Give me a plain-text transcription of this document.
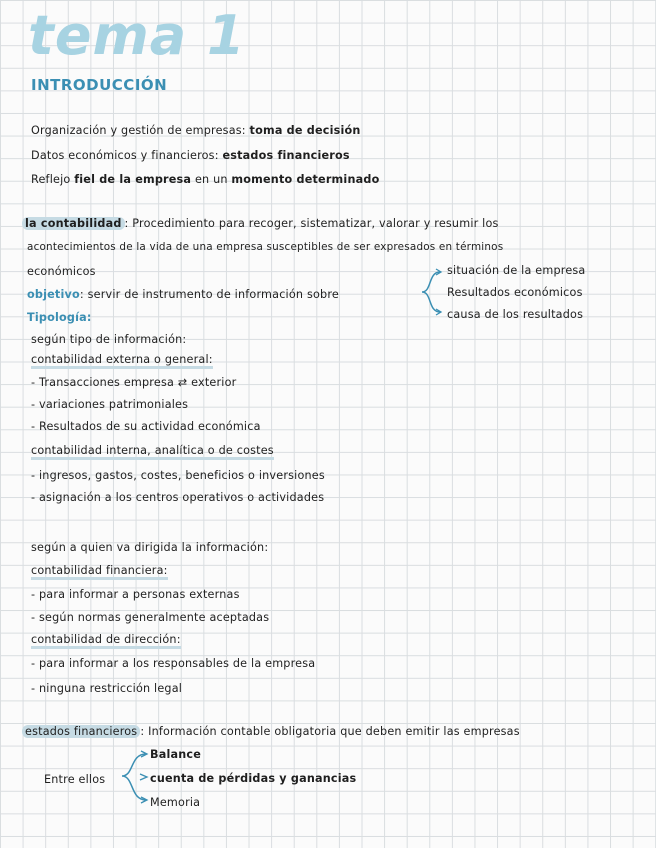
tema 1
INTRODUCCIÓN
Organización y gestión de empresas: toma de decisión
Datos económicos y financieros: estados financieros
Reflejo fiel de la empresa en un momento determinado
la contabilidad : Procedimiento para recoger, sistematizar, valorar y resumir los
acontecimientos de la vida de una empresa susceptibles de ser expresados en términos
económicos
objetivo: servir de instrumento de información sobre
situación de la empresa
Resultados económicos
causa de los resultados
Tipología:
según tipo de información:
contabilidad externa o general:
- Transacciones empresa ⇄ exterior
- variaciones patrimoniales
- Resultados de su actividad económica
contabilidad interna, analítica o de costes
- ingresos, gastos, costes, beneficios o inversiones
- asignación a los centros operativos o actividades
según a quien va dirigida la información:
contabilidad financiera:
- para informar a personas externas
- según normas generalmente aceptadas
contabilidad de dirección:
- para informar a los responsables de la empresa
- ninguna restricción legal
estados financieros : Información contable obligatoria que deben emitir las empresas
Entre ellos
Balance
cuenta de pérdidas y ganancias
Memoria
